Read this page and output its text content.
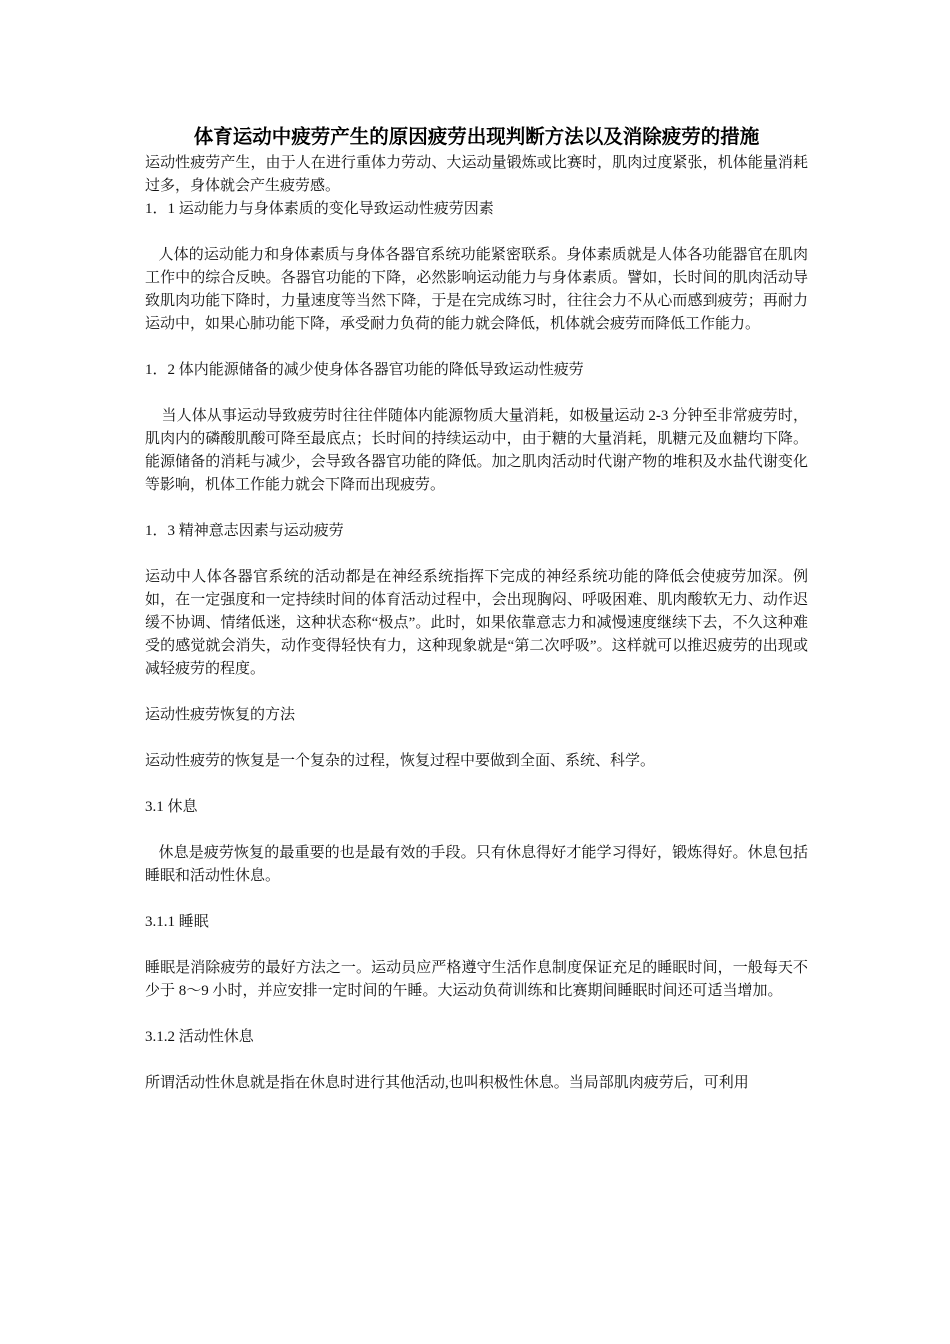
体育运动中疲劳产生的原因疲劳出现判断方法以及消除疲劳的措施

运动性疲劳产生，由于人在进行重体力劳动、大运动量锻炼或比赛时，肌肉过度紧张，机体能量消耗过多，身体就会产生疲劳感。

1．1 运动能力与身体素质的变化导致运动性疲劳因素

人体的运动能力和身体素质与身体各器官系统功能紧密联系。身体素质就是人体各功能器官在肌肉工作中的综合反映。各器官功能的下降，必然影响运动能力与身体素质。譬如，长时间的肌肉活动导致肌肉功能下降时，力量速度等当然下降，于是在完成练习时，往往会力不从心而感到疲劳；再耐力运动中，如果心肺功能下降，承受耐力负荷的能力就会降低，机体就会疲劳而降低工作能力。

1．2 体内能源储备的减少使身体各器官功能的降低导致运动性疲劳

当人体从事运动导致疲劳时往往伴随体内能源物质大量消耗，如极量运动 2-3 分钟至非常疲劳时，肌肉内的磷酸肌酸可降至最底点；长时间的持续运动中，由于糖的大量消耗，肌糖元及血糖均下降。能源储备的消耗与减少，会导致各器官功能的降低。加之肌肉活动时代谢产物的堆积及水盐代谢变化等影响，机体工作能力就会下降而出现疲劳。

1．3 精神意志因素与运动疲劳

运动中人体各器官系统的活动都是在神经系统指挥下完成的神经系统功能的降低会使疲劳加深。例如，在一定强度和一定持续时间的体育活动过程中，会出现胸闷、呼吸困难、肌肉酸软无力、动作迟缓不协调、情绪低迷，这种状态称“极点”。此时，如果依靠意志力和减慢速度继续下去，不久这种难受的感觉就会消失，动作变得轻快有力，这种现象就是“第二次呼吸”。这样就可以推迟疲劳的出现或减轻疲劳的程度。

运动性疲劳恢复的方法

运动性疲劳的恢复是一个复杂的过程，恢复过程中要做到全面、系统、科学。

3.1 休息

休息是疲劳恢复的最重要的也是最有效的手段。只有休息得好才能学习得好，锻炼得好。休息包括睡眠和活动性休息。

3.1.1 睡眠

睡眠是消除疲劳的最好方法之一。运动员应严格遵守生活作息制度保证充足的睡眠时间，一般每天不少于 8～9 小时，并应安排一定时间的午睡。大运动负荷训练和比赛期间睡眠时间还可适当增加。

3.1.2 活动性休息

所谓活动性休息就是指在休息时进行其他活动,也叫积极性休息。当局部肌肉疲劳后，可利用
